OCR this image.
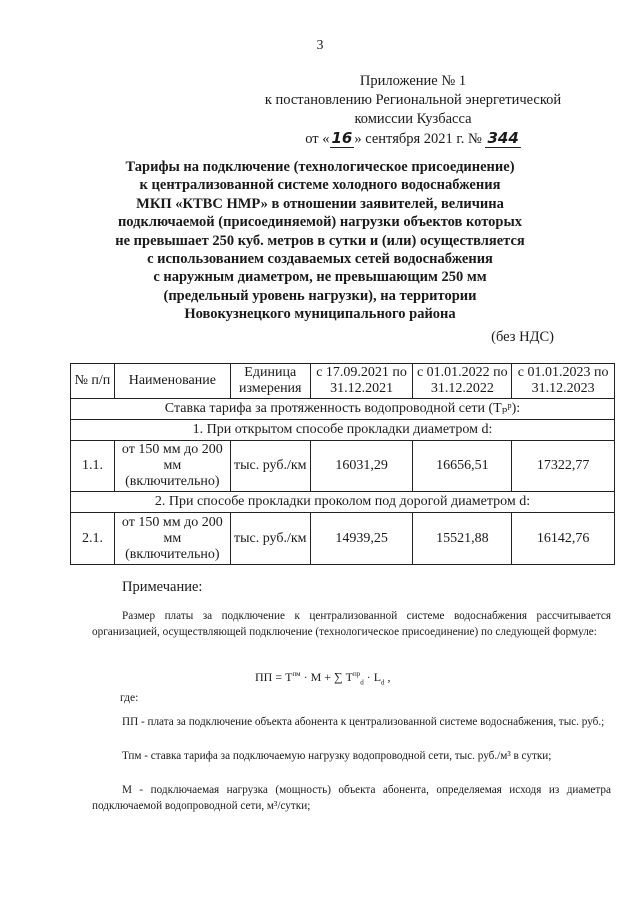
3
Приложение № 1
к постановлению Региональной энергетической
комиссии Кузбасса
от « 16 » сентября 2021 г. № 344
Тарифы на подключение (технологическое присоединение)
к централизованной системе холодного водоснабжения
МКП «КТВС НМР» в отношении заявителей, величина
подключаемой (присоединяемой) нагрузки объектов которых
не превышает 250 куб. метров в сутки и (или) осуществляется
с использованием создаваемых сетей водоснабжения
с наружным диаметром, не превышающим 250 мм
(предельный уровень нагрузки), на территории
Новокузнецкого муниципального района
(без НДС)
№ п/п	Наименование	Единица измерения	с 17.09.2021 по 31.12.2021	с 01.01.2022 по 31.12.2022	с 01.01.2023 по 31.12.2023
Ставка тарифа за протяженность водопроводной сети (Тₚᵖ):					
1. При открытом способе прокладки диаметром d:					
1.1.	от 150 мм до 200 мм (включительно)	тыс. руб./км	16031,29	16656,51	17322,77
2. При способе прокладки проколом под дорогой диаметром d:					
2.1.	от 150 мм до 200 мм (включительно)	тыс. руб./км	14939,25	15521,88	16142,76
Примечание:
Размер платы за подключение к централизованной системе водоснабжения рассчитывается организацией, осуществляющей подключение (технологическое присоединение) по следующей формуле:
ПП = $Т^{пм} \cdot М$ + ∑ $Т^{пр}_d \cdot L_d$ ,
где:
ПП - плата за подключение объекта абонента к централизованной системе водоснабжения, тыс. руб.;
Тпм - ставка тарифа за подключаемую нагрузку водопроводной сети, тыс. руб./м³ в сутки;
М - подключаемая нагрузка (мощность) объекта абонента, определяемая исходя из диаметра подключаемой водопроводной сети, м³/сутки;
